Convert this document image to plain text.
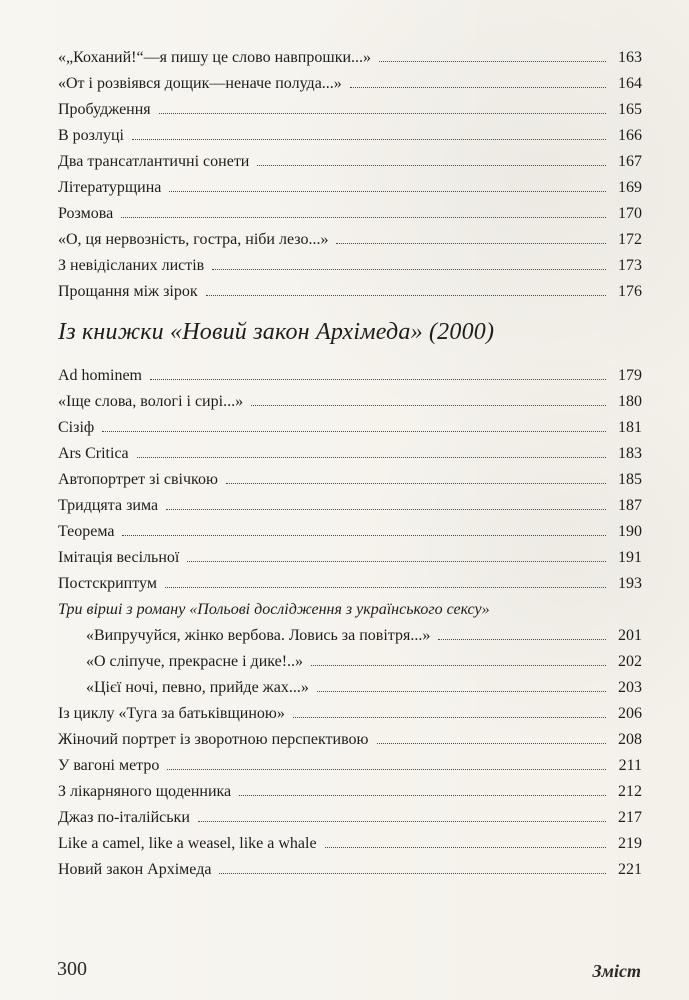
«„Коханий!“—я пишу це слово навпрошки...»	163
«От і розвіявся дощик—неначе полуда...»	164
Пробудження	165
В розлуці	166
Два трансатлантичні сонети	167
Літературщина	169
Розмова	170
«О, ця нервозність, гостра, ніби лезо...»	172
З невідісланих листів	173
Прощання між зірок	176
Із книжки «Новий закон Архімеда» (2000)
Ad hominem	179
«Іще слова, вологі і сирі...»	180
Сізіф	181
Ars Critica	183
Автопортрет зі свічкою	185
Тридцята зима	187
Теорема	190
Імітація весільної	191
Постскриптум	193
Три вірші з роману «Польові дослідження з українського сексу»
«Випручуйся, жінко вербова. Ловись за повітря...»	201
«О сліпуче, прекрасне і дике!..»	202
«Цієї ночі, певно, прийде жах...»	203
Із циклу «Туга за батьківщиною»	206
Жіночий портрет із зворотною перспективою	208
У вагоні метро	211
З лікарняного щоденника	212
Джаз по-італійськи	217
Like a camel, like a weasel, like a whale	219
Новий закон Архімеда	221
300	Зміст
